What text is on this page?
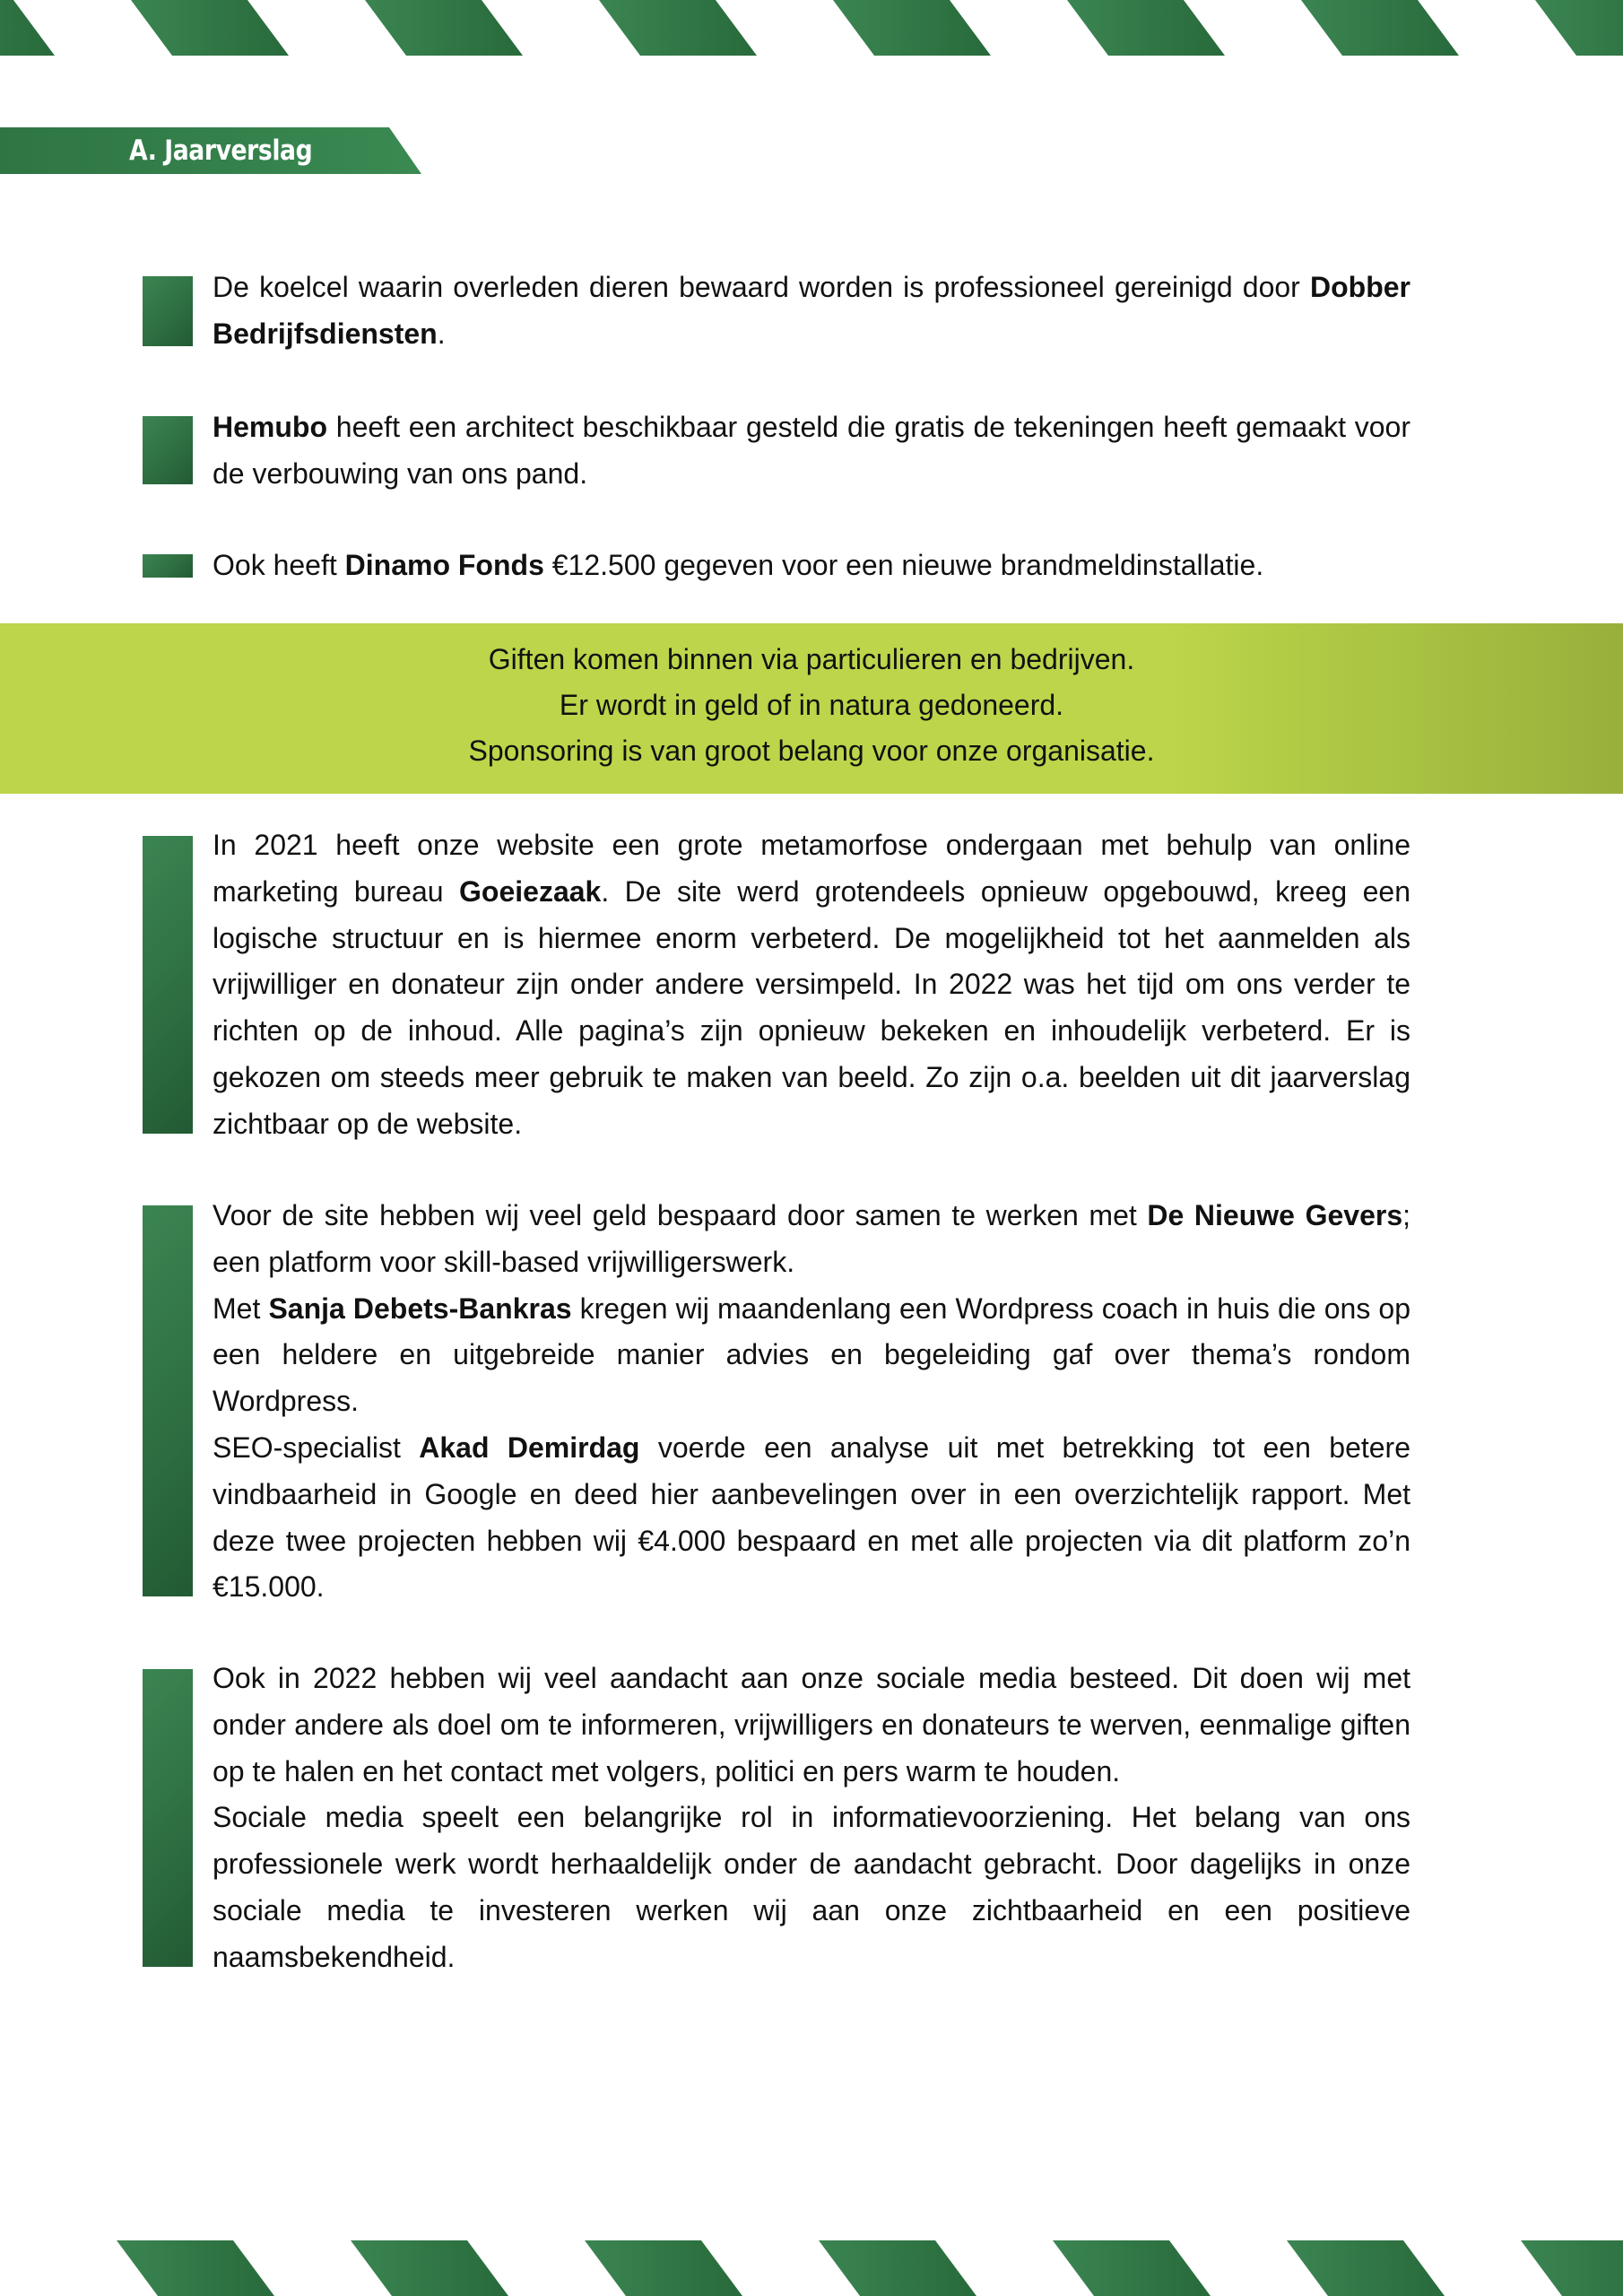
A. Jaarverslag
De koelcel waarin overleden dieren bewaard worden is professioneel gereinigd door Dobber Bedrijfsdiensten.
Hemubo heeft een architect beschikbaar gesteld die gratis de tekeningen heeft gemaakt voor de verbouwing van ons pand.
Ook heeft Dinamo Fonds €12.500 gegeven voor een nieuwe brandmeldinstallatie.
Giften komen binnen via particulieren en bedrijven.
Er wordt in geld of in natura gedoneerd.
Sponsoring is van groot belang voor onze organisatie.
In 2021 heeft onze website een grote metamorfose ondergaan met behulp van online marketing bureau Goeiezaak. De site werd grotendeels opnieuw opgebouwd, kreeg een logische structuur en is hiermee enorm verbeterd. De mogelijkheid tot het aanmelden als vrijwilliger en donateur zijn onder andere versimpeld. In 2022 was het tijd om ons verder te richten op de inhoud. Alle pagina’s zijn opnieuw bekeken en inhoudelijk verbeterd. Er is gekozen om steeds meer gebruik te maken van beeld. Zo zijn o.a. beelden uit dit jaarverslag zichtbaar op de website.
Voor de site hebben wij veel geld bespaard door samen te werken met De Nieuwe Gevers; een platform voor skill-based vrijwilligerswerk.
Met Sanja Debets-Bankras kregen wij maandenlang een Wordpress coach in huis die ons op een heldere en uitgebreide manier advies en begeleiding gaf over thema’s rondom Wordpress.
SEO-specialist Akad Demirdag voerde een analyse uit met betrekking tot een betere vindbaarheid in Google en deed hier aanbevelingen over in een overzichtelijk rapport. Met deze twee projecten hebben wij €4.000 bespaard en met alle projecten via dit platform zo’n €15.000.
Ook in 2022 hebben wij veel aandacht aan onze sociale media besteed. Dit doen wij met onder andere als doel om te informeren, vrijwilligers en donateurs te werven, eenmalige giften op te halen en het contact met volgers, politici en pers warm te houden.
Sociale media speelt een belangrijke rol in informatievoorziening. Het belang van ons professionele werk wordt herhaaldelijk onder de aandacht gebracht. Door dagelijks in onze sociale media te investeren werken wij aan onze zichtbaarheid en een positieve naamsbekendheid.
